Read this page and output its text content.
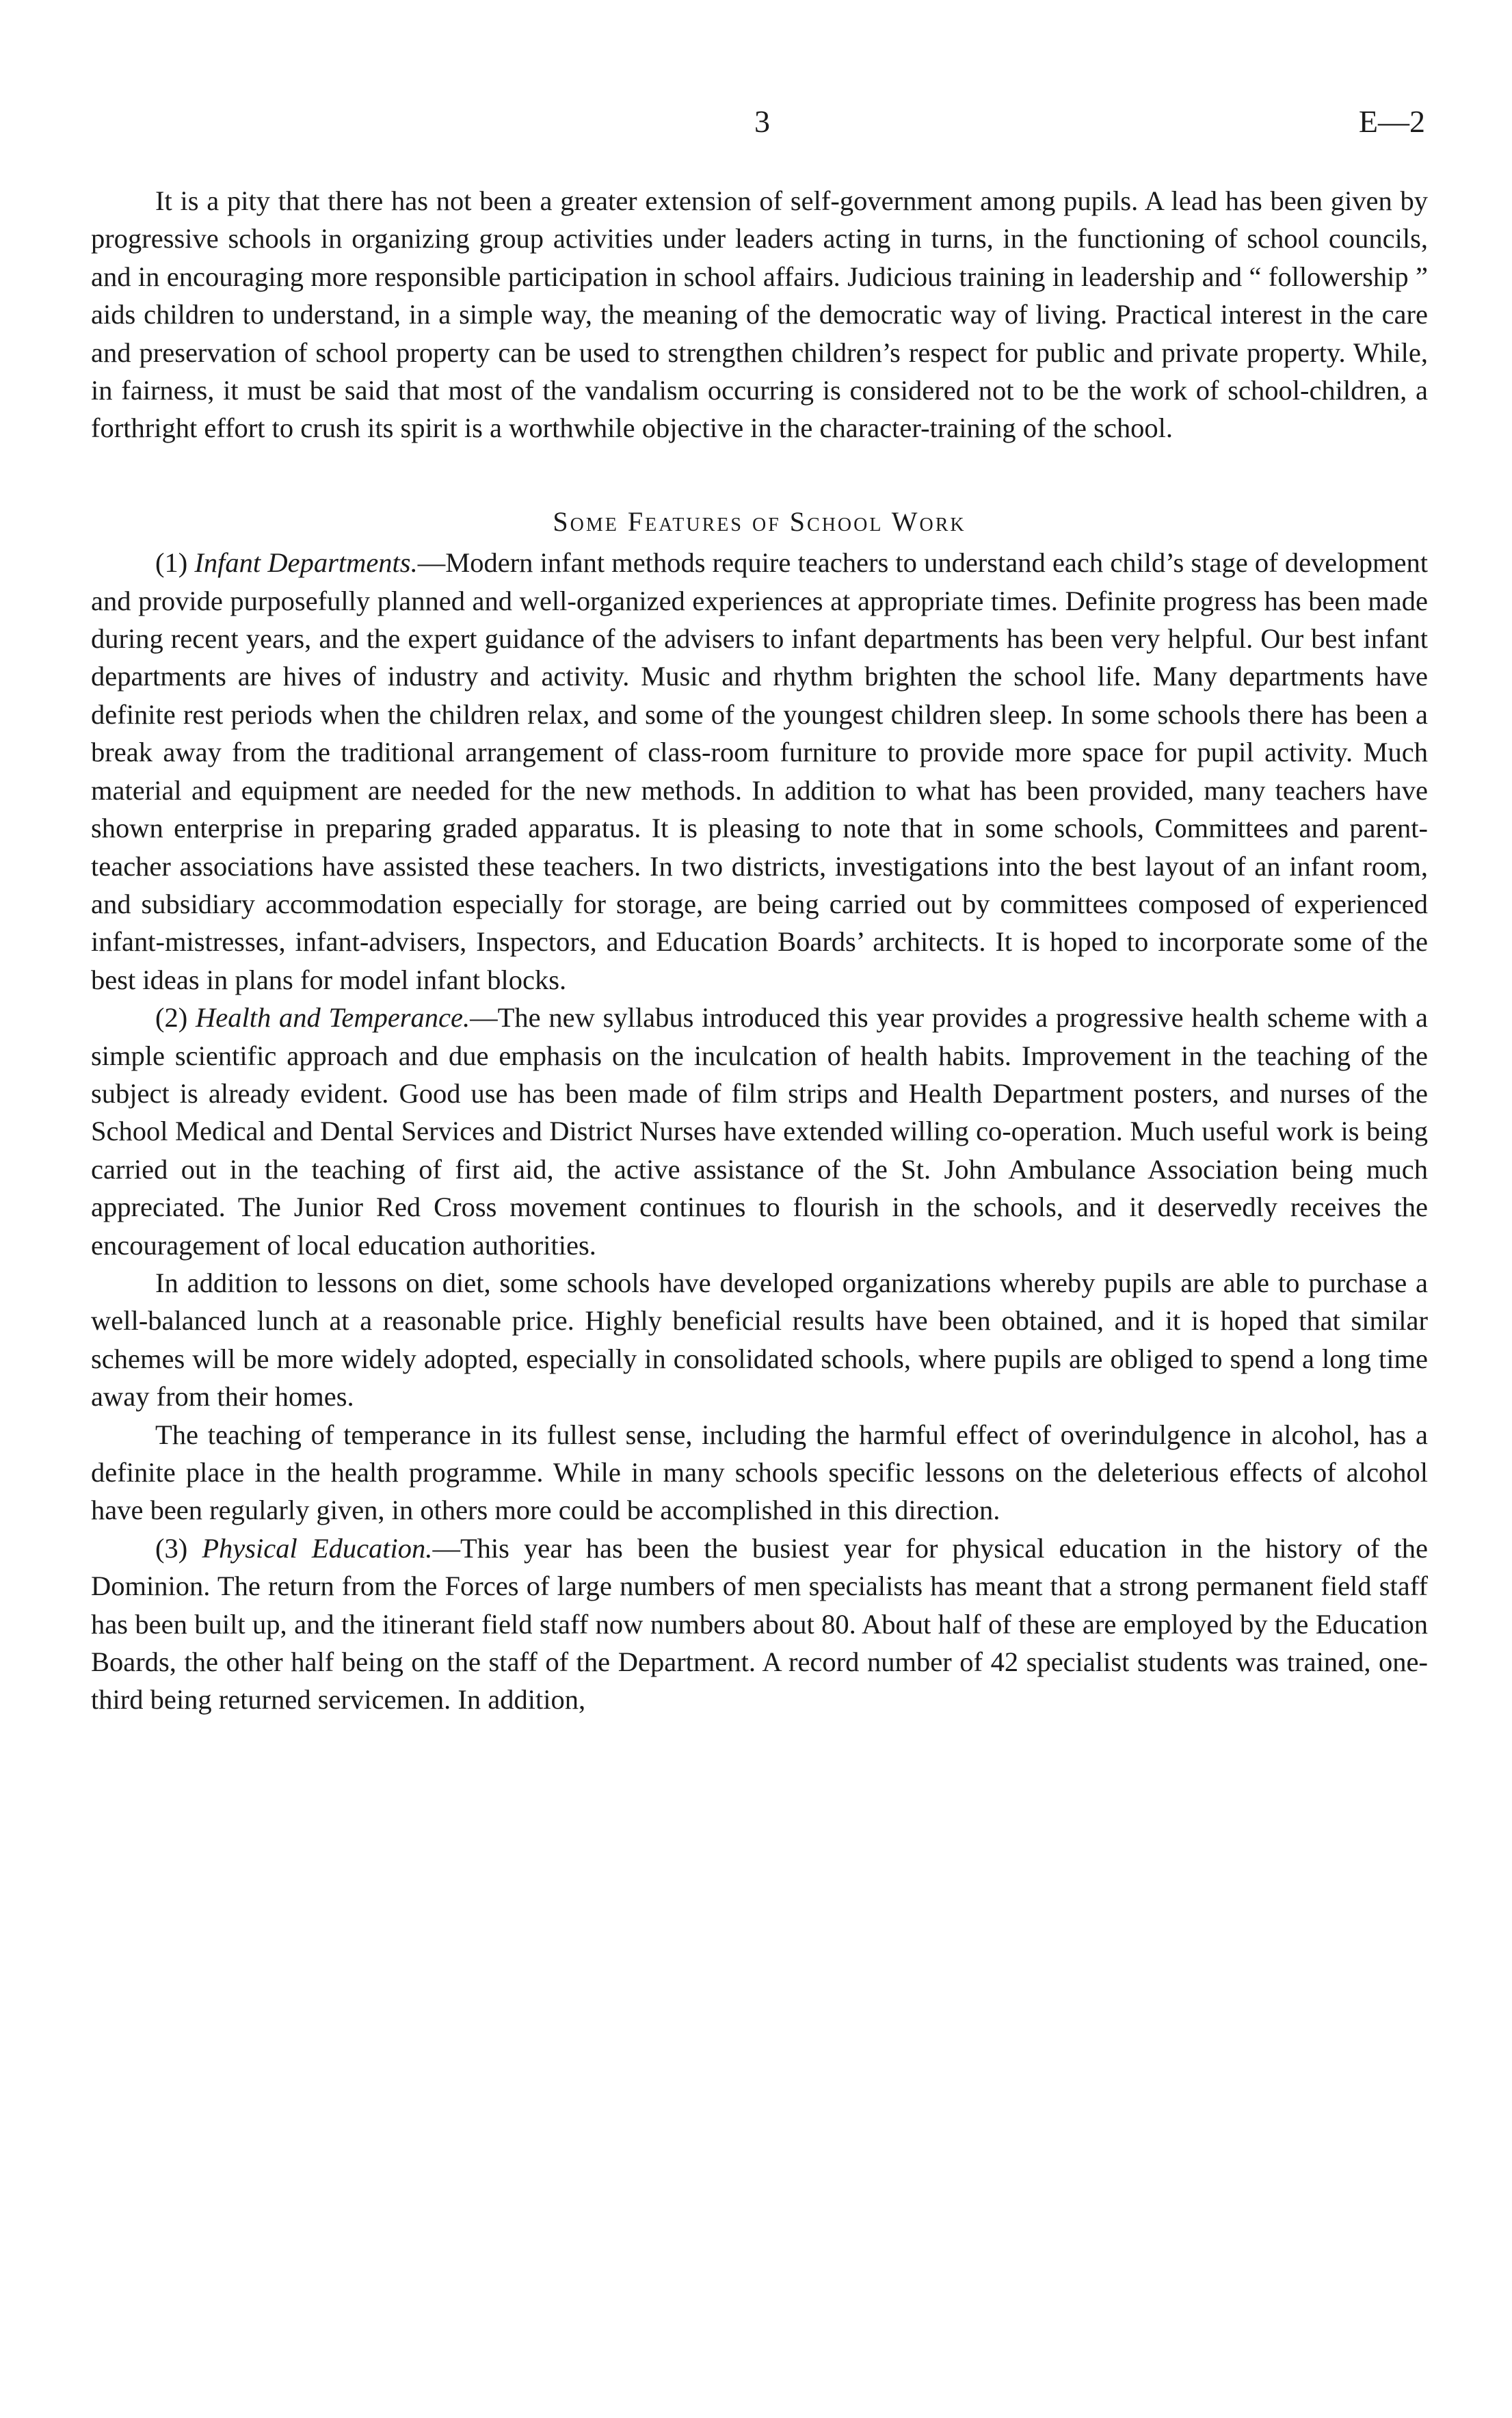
3	E—2

It is a pity that there has not been a greater extension of self-government among pupils. A lead has been given by progressive schools in organizing group activities under leaders acting in turns, in the functioning of school councils, and in encouraging more responsible participation in school affairs. Judicious training in leadership and “ followership ” aids children to understand, in a simple way, the meaning of the democratic way of living. Practical interest in the care and preservation of school property can be used to strengthen children’s respect for public and private property. While, in fairness, it must be said that most of the vandalism occurring is considered not to be the work of school-children, a forthright effort to crush its spirit is a worthwhile objective in the character-training of the school.

Some Features of School Work

(1) Infant Departments.—Modern infant methods require teachers to understand each child’s stage of development and provide purposefully planned and well-organized experiences at appropriate times. Definite progress has been made during recent years, and the expert guidance of the advisers to infant departments has been very helpful. Our best infant departments are hives of industry and activity. Music and rhythm brighten the school life. Many departments have definite rest periods when the children relax, and some of the youngest children sleep. In some schools there has been a break away from the traditional arrangement of class-room furniture to provide more space for pupil activity. Much material and equipment are needed for the new methods. In addition to what has been provided, many teachers have shown enterprise in preparing graded apparatus. It is pleasing to note that in some schools, Committees and parent-teacher associations have assisted these teachers. In two districts, investigations into the best layout of an infant room, and subsidiary accommodation especially for storage, are being carried out by committees composed of experienced infant-mistresses, infant-advisers, Inspectors, and Education Boards’ architects. It is hoped to incorporate some of the best ideas in plans for model infant blocks.

(2) Health and Temperance.—The new syllabus introduced this year provides a progressive health scheme with a simple scientific approach and due emphasis on the inculcation of health habits. Improvement in the teaching of the subject is already evident. Good use has been made of film strips and Health Department posters, and nurses of the School Medical and Dental Services and District Nurses have extended willing co-operation. Much useful work is being carried out in the teaching of first aid, the active assistance of the St. John Ambulance Association being much appreciated. The Junior Red Cross movement continues to flourish in the schools, and it deservedly receives the encouragement of local education authorities.

In addition to lessons on diet, some schools have developed organizations whereby pupils are able to purchase a well-balanced lunch at a reasonable price. Highly beneficial results have been obtained, and it is hoped that similar schemes will be more widely adopted, especially in consolidated schools, where pupils are obliged to spend a long time away from their homes.

The teaching of temperance in its fullest sense, including the harmful effect of overindulgence in alcohol, has a definite place in the health programme. While in many schools specific lessons on the deleterious effects of alcohol have been regularly given, in others more could be accomplished in this direction.

(3) Physical Education.—This year has been the busiest year for physical education in the history of the Dominion. The return from the Forces of large numbers of men specialists has meant that a strong permanent field staff has been built up, and the itinerant field staff now numbers about 80. About half of these are employed by the Education Boards, the other half being on the staff of the Department. A record number of 42 specialist students was trained, one-third being returned servicemen. In addition,
